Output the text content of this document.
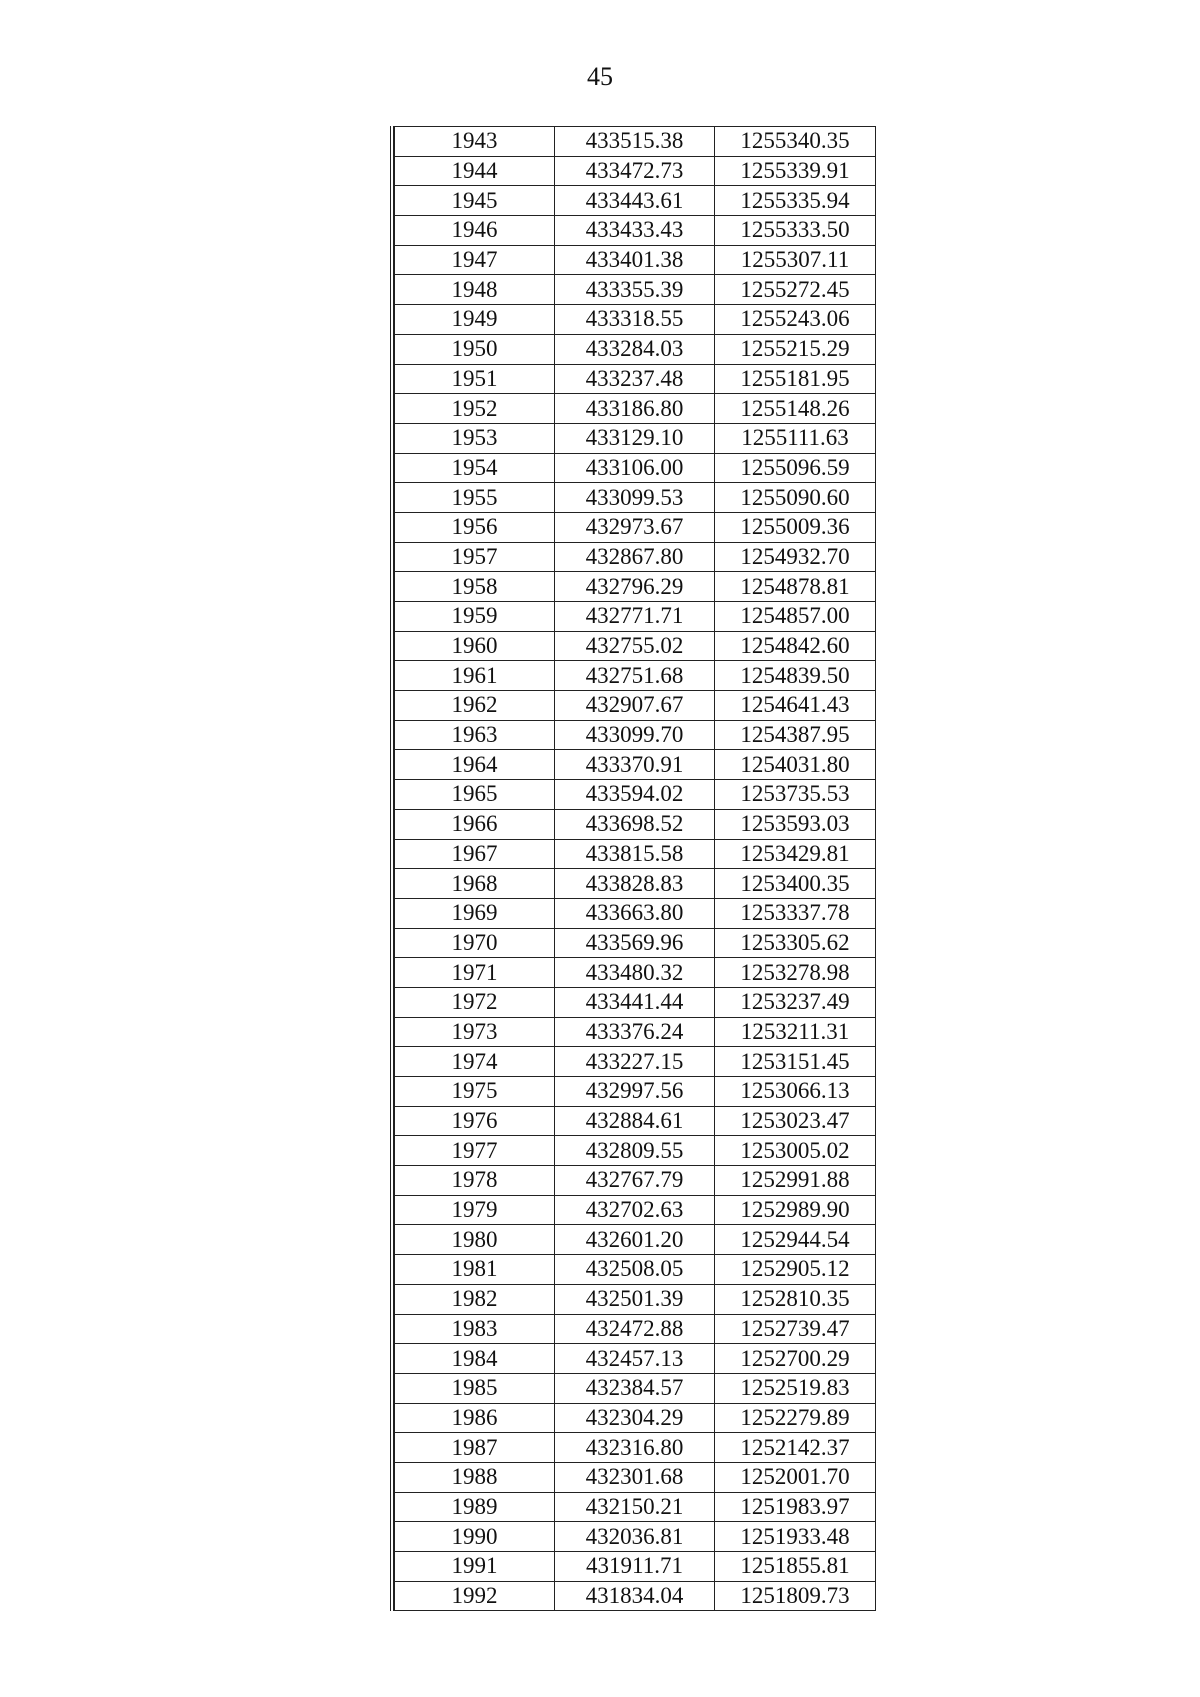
45
1943	433515.38	1255340.35
1944	433472.73	1255339.91
1945	433443.61	1255335.94
1946	433433.43	1255333.50
1947	433401.38	1255307.11
1948	433355.39	1255272.45
1949	433318.55	1255243.06
1950	433284.03	1255215.29
1951	433237.48	1255181.95
1952	433186.80	1255148.26
1953	433129.10	1255111.63
1954	433106.00	1255096.59
1955	433099.53	1255090.60
1956	432973.67	1255009.36
1957	432867.80	1254932.70
1958	432796.29	1254878.81
1959	432771.71	1254857.00
1960	432755.02	1254842.60
1961	432751.68	1254839.50
1962	432907.67	1254641.43
1963	433099.70	1254387.95
1964	433370.91	1254031.80
1965	433594.02	1253735.53
1966	433698.52	1253593.03
1967	433815.58	1253429.81
1968	433828.83	1253400.35
1969	433663.80	1253337.78
1970	433569.96	1253305.62
1971	433480.32	1253278.98
1972	433441.44	1253237.49
1973	433376.24	1253211.31
1974	433227.15	1253151.45
1975	432997.56	1253066.13
1976	432884.61	1253023.47
1977	432809.55	1253005.02
1978	432767.79	1252991.88
1979	432702.63	1252989.90
1980	432601.20	1252944.54
1981	432508.05	1252905.12
1982	432501.39	1252810.35
1983	432472.88	1252739.47
1984	432457.13	1252700.29
1985	432384.57	1252519.83
1986	432304.29	1252279.89
1987	432316.80	1252142.37
1988	432301.68	1252001.70
1989	432150.21	1251983.97
1990	432036.81	1251933.48
1991	431911.71	1251855.81
1992	431834.04	1251809.73
